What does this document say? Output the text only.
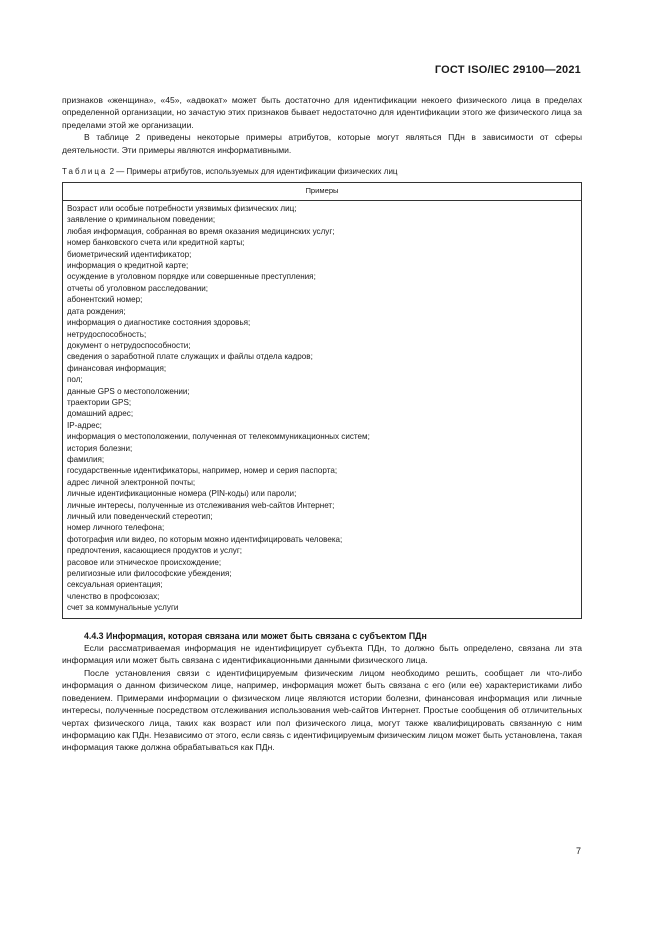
ГОСТ ISO/IEC 29100—2021

признаков «женщина», «45», «адвокат» может быть достаточно для идентификации некоего физического лица в пределах определенной организации, но зачастую этих признаков бывает недостаточно для идентификации этого же физического лица за пределами этой же организации.

В таблице 2 приведены некоторые примеры атрибутов, которые могут являться ПДн в зависимости от сферы деятельности. Эти примеры являются информативными.

Таблица 2 — Примеры атрибутов, используемых для идентификации физических лиц
Примеры

Возраст или особые потребности уязвимых физических лиц;
заявление о криминальном поведении;
любая информация, собранная во время оказания медицинских услуг;
номер банковского счета или кредитной карты;
биометрический идентификатор;
информация о кредитной карте;
осуждение в уголовном порядке или совершенные преступления;
отчеты об уголовном расследовании;
абонентский номер;
дата рождения;
информация о диагностике состояния здоровья;
нетрудоспособность;
документ о нетрудоспособности;
сведения о заработной плате служащих и файлы отдела кадров;
финансовая информация;
пол;
данные GPS о местоположении;
траектории GPS;
домашний адрес;
IP-адрес;
информация о местоположении, полученная от телекоммуникационных систем;
история болезни;
фамилия;
государственные идентификаторы, например, номер и серия паспорта;
адрес личной электронной почты;
личные идентификационные номера (PIN-коды) или пароли;
личные интересы, полученные из отслеживания web-сайтов Интернет;
личный или поведенческий стереотип;
номер личного телефона;
фотография или видео, по которым можно идентифицировать человека;
предпочтения, касающиеся продуктов и услуг;
расовое или этническое происхождение;
религиозные или философские убеждения;
сексуальная ориентация;
членство в профсоюзах;
счет за коммунальные услуги
4.4.3 Информация, которая связана или может быть связана с субъектом ПДн

Если рассматриваемая информация не идентифицирует субъекта ПДн, то должно быть определено, связана ли эта информация или может быть связана с идентификационными данными физического лица.

После установления связи с идентифицируемым физическим лицом необходимо решить, сообщает ли что-либо информация о данном физическом лице, например, информация может быть связана с его (или ее) характеристиками либо поведением. Примерами информации о физическом лице являются истории болезни, финансовая информация или личные интересы, полученные посредством отслеживания использования web-сайтов Интернет. Простые сообщения об отличительных чертах физического лица, таких как возраст или пол физического лица, могут также квалифицировать связанную с ним информацию как ПДн. Независимо от этого, если связь с идентифицируемым физическим лицом может быть установлена, такая информация также должна обрабатываться как ПДн.

7
